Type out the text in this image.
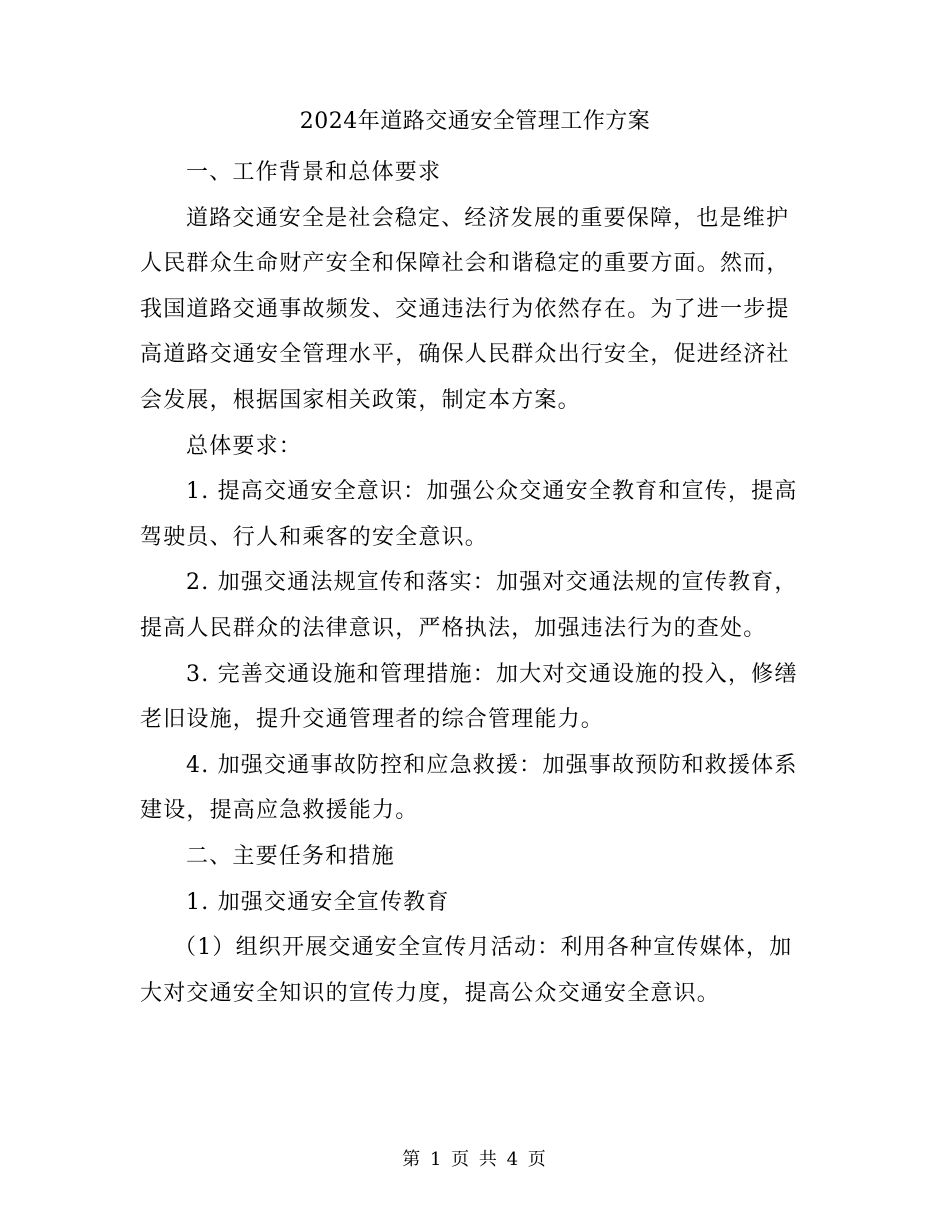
2024年道路交通安全管理工作方案

一、工作背景和总体要求

道路交通安全是社会稳定、经济发展的重要保障，也是维护人民群众生命财产安全和保障社会和谐稳定的重要方面。然而，我国道路交通事故频发、交通违法行为依然存在。为了进一步提高道路交通安全管理水平，确保人民群众出行安全，促进经济社会发展，根据国家相关政策，制定本方案。

总体要求：

1. 提高交通安全意识：加强公众交通安全教育和宣传，提高驾驶员、行人和乘客的安全意识。

2. 加强交通法规宣传和落实：加强对交通法规的宣传教育，提高人民群众的法律意识，严格执法，加强违法行为的查处。

3. 完善交通设施和管理措施：加大对交通设施的投入，修缮老旧设施，提升交通管理者的综合管理能力。

4. 加强交通事故防控和应急救援：加强事故预防和救援体系建设，提高应急救援能力。

二、主要任务和措施

1. 加强交通安全宣传教育

（1）组织开展交通安全宣传月活动：利用各种宣传媒体，加大对交通安全知识的宣传力度，提高公众交通安全意识。

第 1 页 共 4 页
